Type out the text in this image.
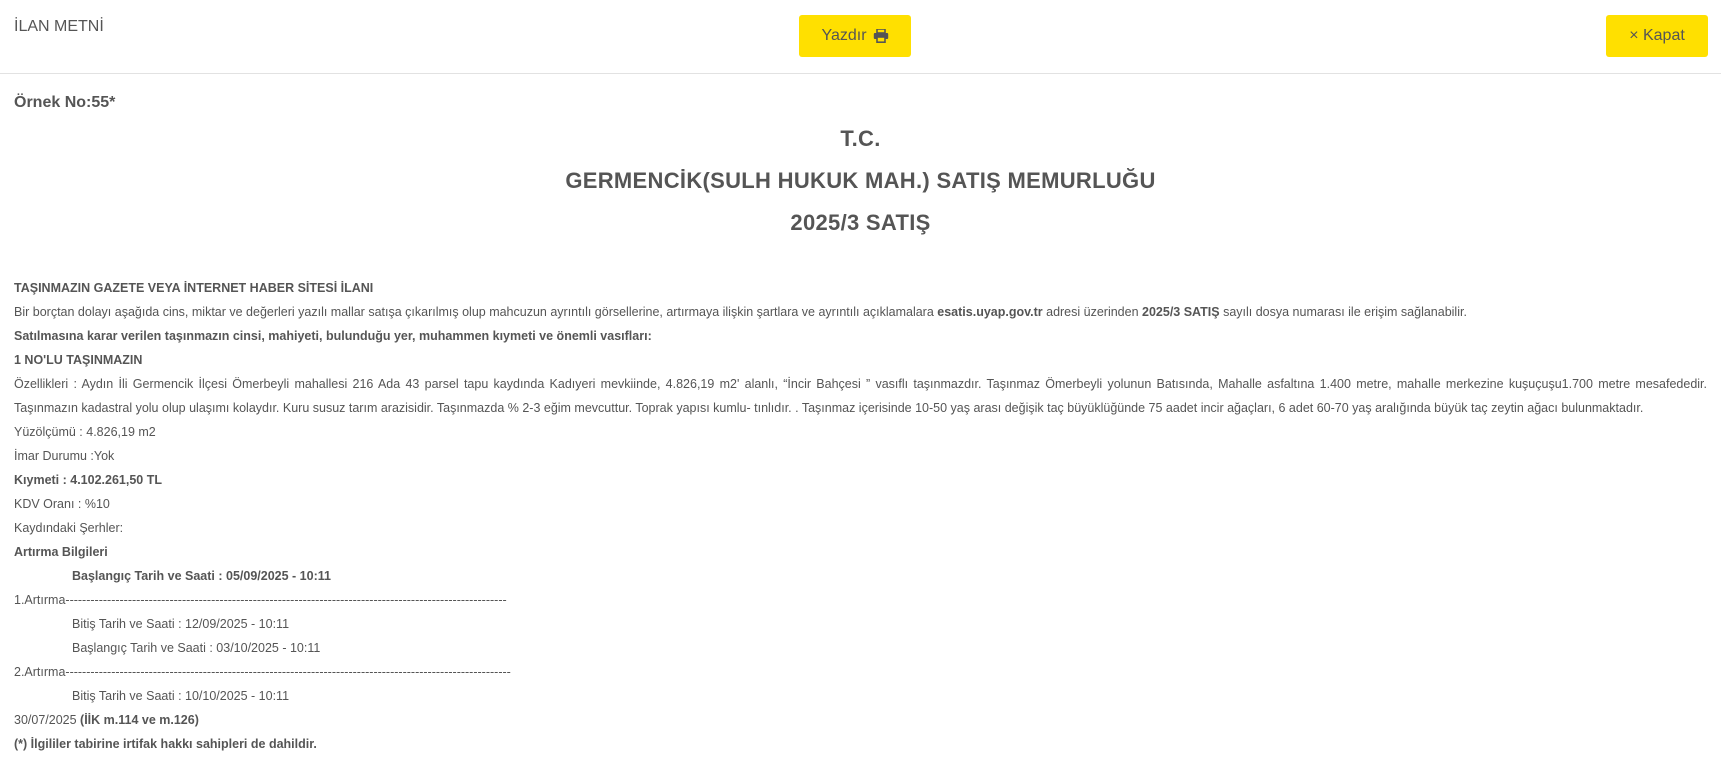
İLAN METNİ
Yazdır	× Kapat
Örnek No:55*
T.C.
GERMENCİK(SULH HUKUK MAH.) SATIŞ MEMURLUĞU
2025/3 SATIŞ

TAŞINMAZIN GAZETE VEYA İNTERNET HABER SİTESİ İLANI

Bir borçtan dolayı aşağıda cins, miktar ve değerleri yazılı mallar satışa çıkarılmış olup mahcuzun ayrıntılı görsellerine, artırmaya ilişkin şartlara ve ayrıntılı açıklamalara esatis.uyap.gov.tr adresi üzerinden 2025/3 SATIŞ sayılı dosya numarası ile erişim sağlanabilir.

Satılmasına karar verilen taşınmazın cinsi, mahiyeti, bulunduğu yer, muhammen kıymeti ve önemli vasıfları:

1 NO'LU TAŞINMAZIN

Özellikleri : Aydın İli Germencik İlçesi Ömerbeyli mahallesi 216 Ada 43 parsel tapu kaydında Kadıyeri mevkiinde, 4.826,19 m2' alanlı, “İncir Bahçesi ” vasıflı taşınmazdır. Taşınmaz Ömerbeyli yolunun Batısında, Mahalle asfaltına 1.400 metre, mahalle merkezine kuşuçuşu1.700 metre mesafededir. Taşınmazın kadastral yolu olup ulaşımı kolaydır. Kuru susuz tarım arazisidir. Taşınmazda % 2-3 eğim mevcuttur. Toprak yapısı kumlu- tınlıdır. . Taşınmaz içerisinde 10-50 yaş arası değişik taç büyüklüğünde 75 aadet incir ağaçları, 6 adet 60-70 yaş aralığında büyük taç zeytin ağacı bulunmaktadır.

Yüzölçümü : 4.826,19 m2

İmar Durumu :Yok

Kıymeti : 4.102.261,50 TL

KDV Oranı : %10

Kaydındaki Şerhler:

Artırma Bilgileri

Başlangıç Tarih ve Saati : 05/09/2025 - 10:11

1.Artırma ----------------------------------------------------------------------------------------------------------

Bitiş Tarih ve Saati : 12/09/2025 - 10:11

Başlangıç Tarih ve Saati : 03/10/2025 - 10:11

2.Artırma -----------------------------------------------------------------------------------------------------------

Bitiş Tarih ve Saati : 10/10/2025 - 10:11

30/07/2025 (İİK m.114 ve m.126)

(*) İlgililer tabirine irtifak hakkı sahipleri de dahildir.
